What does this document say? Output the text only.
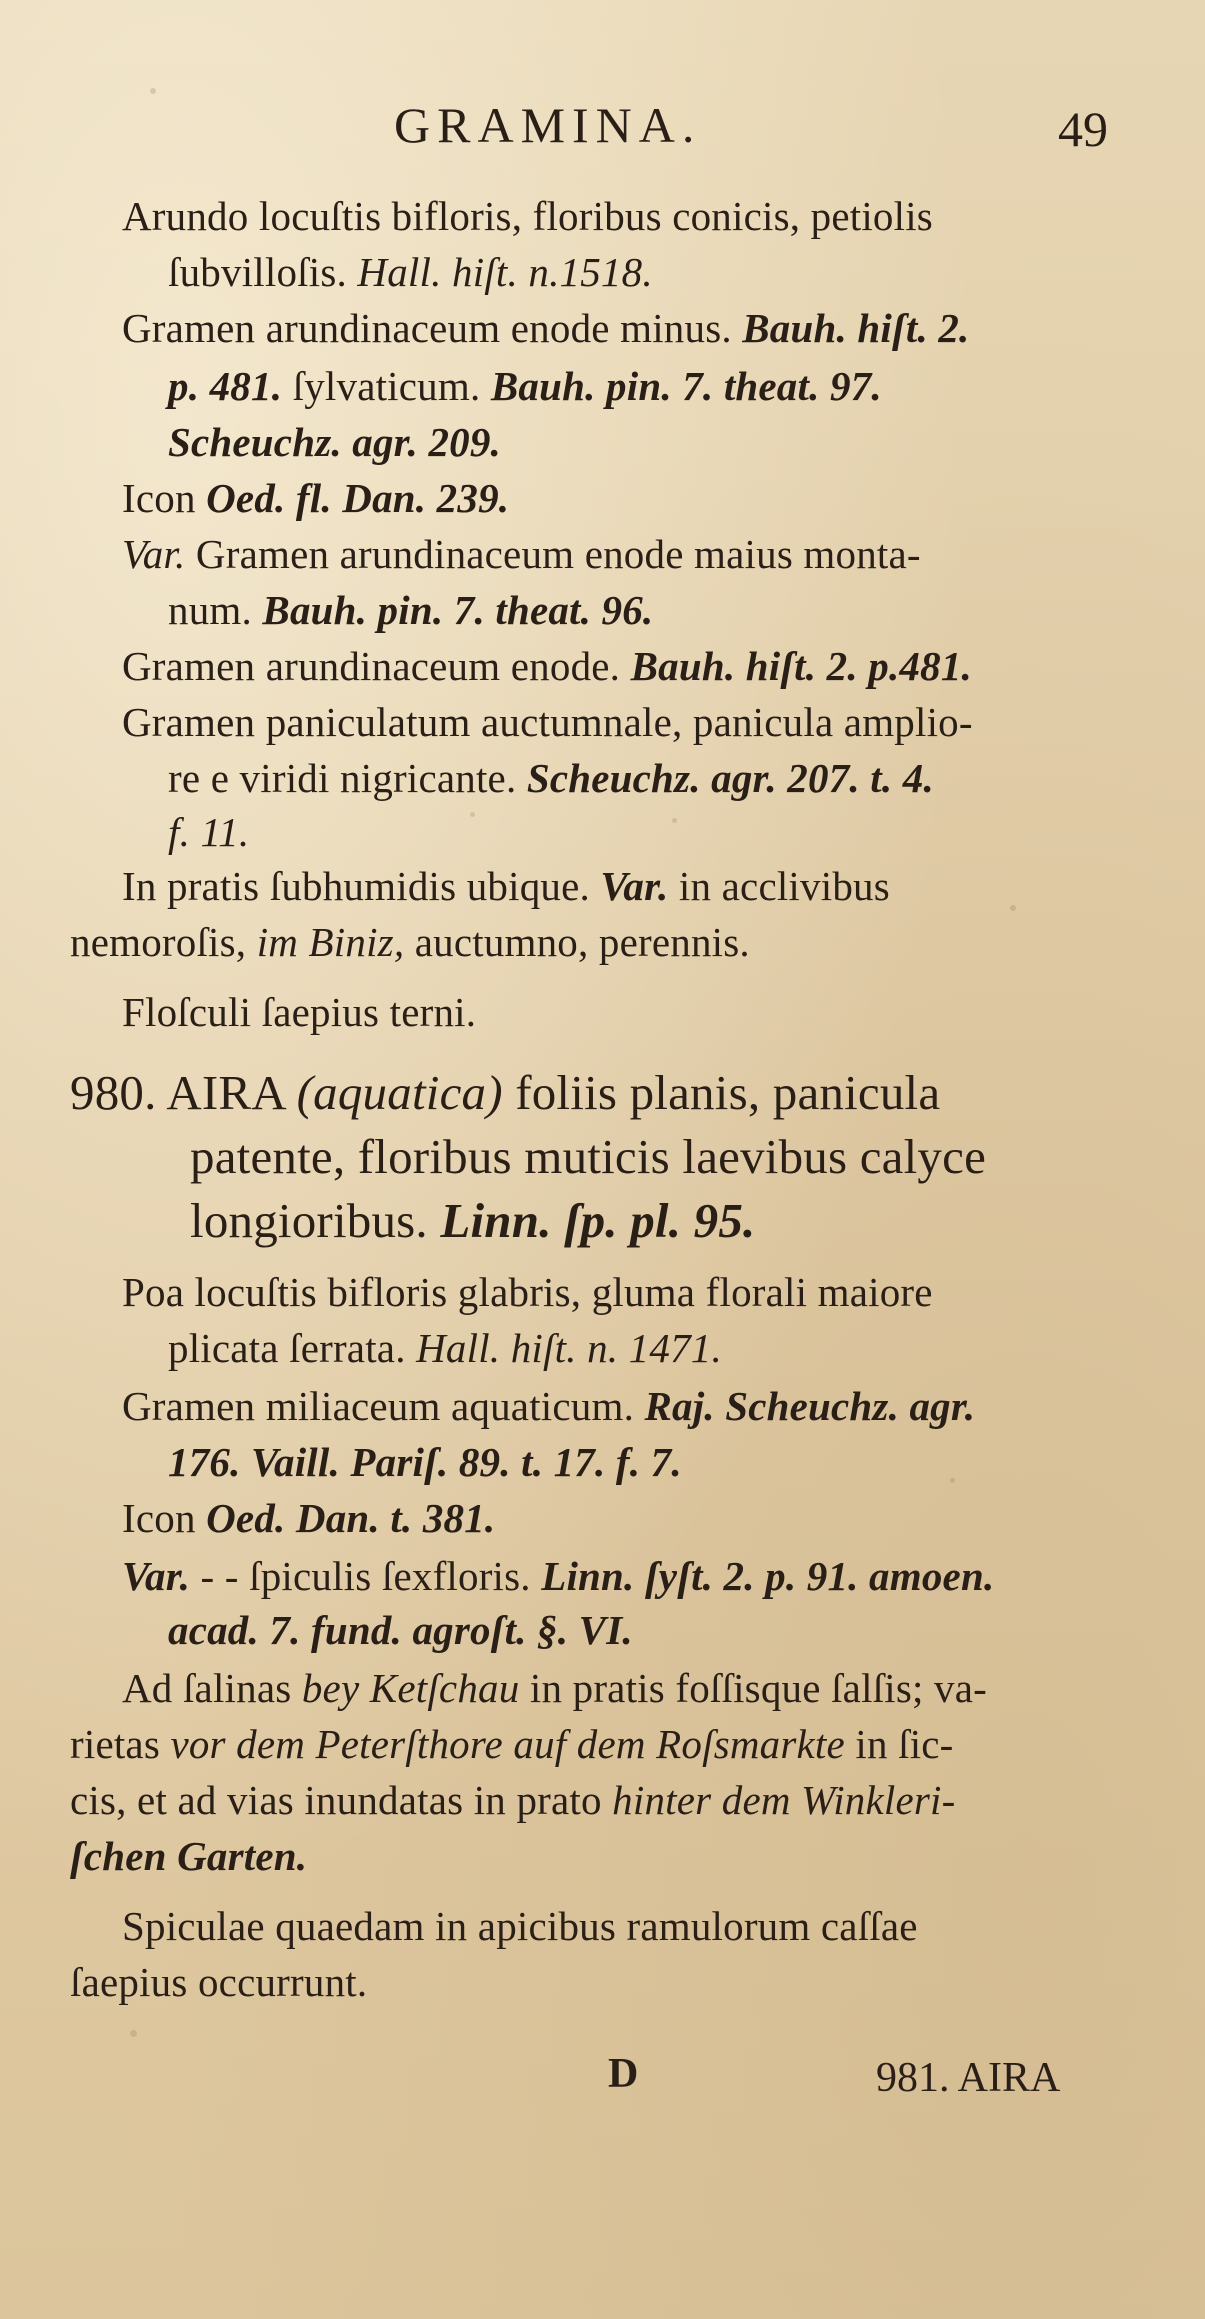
GRAMINA.	49
Arundo locuſtis bifloris, floribus conicis, petiolis
ſubvilloſis. Hall. hiſt. n.1518.
Gramen arundinaceum enode minus. Bauh. hiſt. 2.
p. 481. ſylvaticum. Bauh. pin. 7. theat. 97.
Scheuchz. agr. 209.
Icon Oed. fl. Dan. 239.
Var. Gramen arundinaceum enode maius monta-
num. Bauh. pin. 7. theat. 96.
Gramen arundinaceum enode. Bauh. hiſt. 2. p.481.
Gramen paniculatum auctumnale, panicula amplio-
re e viridi nigricante. Scheuchz. agr. 207. t. 4.
f. 11.
In pratis ſubhumidis ubique. Var. in acclivibus
nemoroſis, im Biniz, auctumno, perennis.
Floſculi ſaepius terni.
980. AIRA (aquatica) foliis planis, panicula
patente, floribus muticis laevibus calyce
longioribus. Linn. ſp. pl. 95.
Poa locuſtis bifloris glabris, gluma florali maiore
plicata ſerrata. Hall. hiſt. n. 1471.
Gramen miliaceum aquaticum. Raj. Scheuchz. agr.
176. Vaill. Pariſ. 89. t. 17. f. 7.
Icon Oed. Dan. t. 381.
Var. - - ſpiculis ſexfloris. Linn. ſyſt. 2. p. 91. amoen.
acad. 7. fund. agroſt. §. VI.
Ad ſalinas bey Ketſchau in pratis foſſisque ſalſis; va-
rietas vor dem Peterſthore auf dem Roſsmarkte in ſic-
cis, et ad vias inundatas in prato hinter dem Winkleri-
ſchen Garten.
Spiculae quaedam in apicibus ramulorum caſſae
ſaepius occurrunt.
D	981. AIRA
